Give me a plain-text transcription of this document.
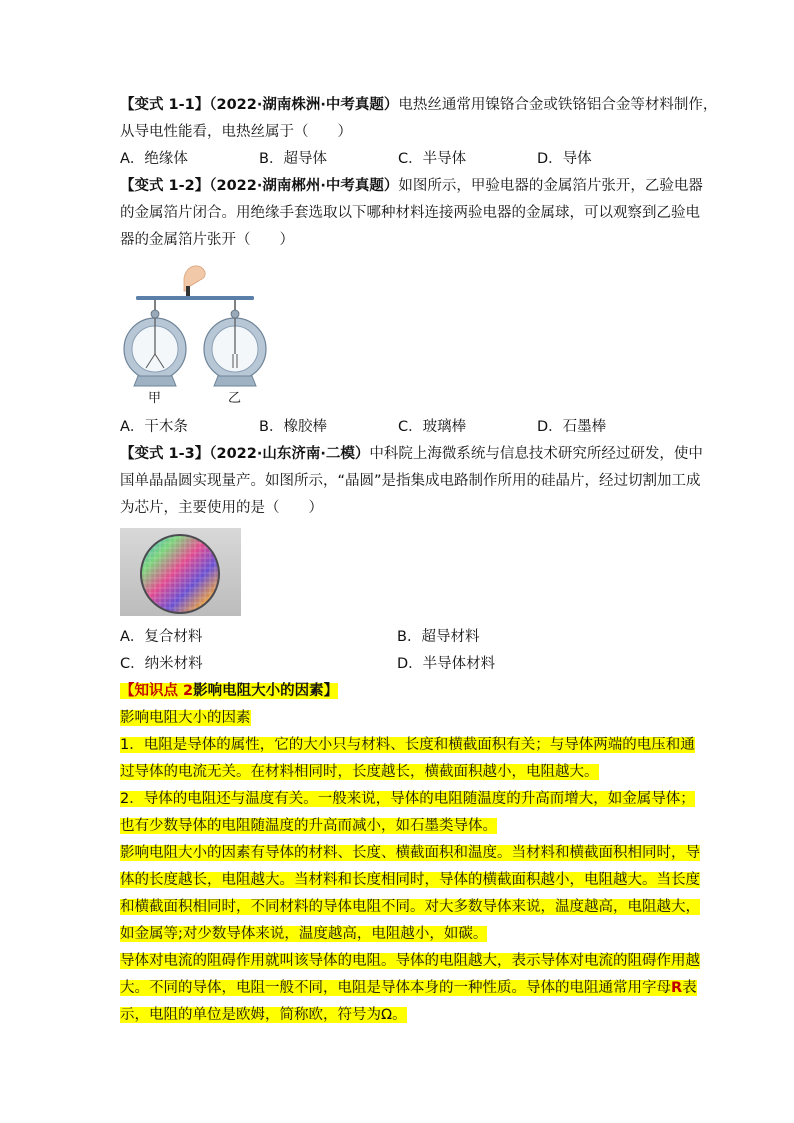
【变式 1-1】（2022·湖南株洲·中考真题）电热丝通常用镍铬合金或铁铬铝合金等材料制作，
从导电性能看，电热丝属于（　　）
A．绝缘体	B．超导体	C．半导体	D．导体
【变式 1-2】（2022·湖南郴州·中考真题）如图所示，甲验电器的金属箔片张开，乙验电器
的金属箔片闭合。用绝缘手套选取以下哪种材料连接两验电器的金属球，可以观察到乙验电
器的金属箔片张开（　　）
甲	乙
A．干木条	B．橡胶棒	C．玻璃棒	D．石墨棒
【变式 1-3】（2022·山东济南·二模）中科院上海微系统与信息技术研究所经过研发，使中
国单晶晶圆实现量产。如图所示，“晶圆”是指集成电路制作所用的硅晶片，经过切割加工成
为芯片，主要使用的是（　　）
A．复合材料	B．超导材料
C．纳米材料	D．半导体材料
【知识点 2影响电阻大小的因素】
影响电阻大小的因素
1．电阻是导体的属性，它的大小只与材料、长度和横截面积有关；与导体两端的电压和通
过导体的电流无关。在材料相同时，长度越长，横截面积越小，电阻越大。
2．导体的电阻还与温度有关。一般来说，导体的电阻随温度的升高而增大，如金属导体；
也有少数导体的电阻随温度的升高而减小，如石墨类导体。
影响电阻大小的因素有导体的材料、长度、横截面积和温度。当材料和横截面积相同时，导
体的长度越长，电阻越大。当材料和长度相同时，导体的横截面积越小，电阻越大。当长度
和横截面积相同时，不同材料的导体电阻不同。对大多数导体来说，温度越高，电阻越大，
如金属等;对少数导体来说，温度越高，电阻越小，如碳。
导体对电流的阻碍作用就叫该导体的电阻。导体的电阻越大，表示导体对电流的阻碍作用越
大。不同的导体，电阻一般不同，电阻是导体本身的一种性质。导体的电阻通常用字母R表
示，电阻的单位是欧姆，简称欧，符号为Ω。
